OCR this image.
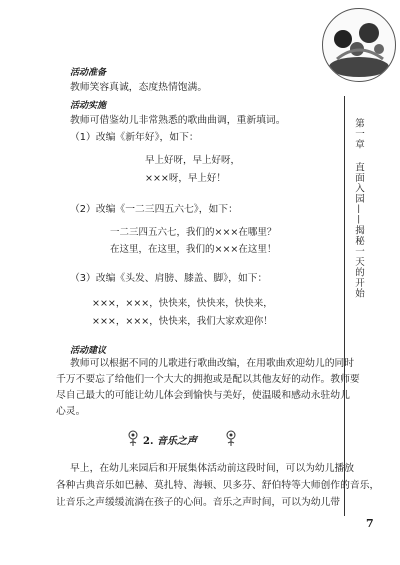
第一章
直面入园——揭秘一天的开始
活动准备
教师笑容真诚，态度热情饱满。
活动实施
教师可借鉴幼儿非常熟悉的歌曲曲调，重新填词。
（1）改编《新年好》，如下：
早上好呀，早上好呀，
×××呀，早上好！
（2）改编《一二三四五六七》，如下：
一二三四五六七，我们的×××在哪里？
在这里，在这里，我们的×××在这里！
（3）改编《头发、肩膀、膝盖、脚》，如下：
×××，×××，快快来，快快来，快快来，
×××，×××，快快来，我们大家欢迎你！
活动建议
教师可以根据不同的儿歌进行歌曲改编，在用歌曲欢迎幼儿的同时
千万不要忘了给他们一个大大的拥抱或是配以其他友好的动作。教师要
尽自己最大的可能让幼儿体会到愉快与美好，使温暖和感动永驻幼儿
心灵。
2. 音乐之声
早上，在幼儿来园后和开展集体活动前这段时间，可以为幼儿播放
各种古典音乐如巴赫、莫扎特、海顿、贝多芬、舒伯特等大师创作的音乐，
让音乐之声缓缓流淌在孩子的心间。音乐之声时间，可以为幼儿带
7
